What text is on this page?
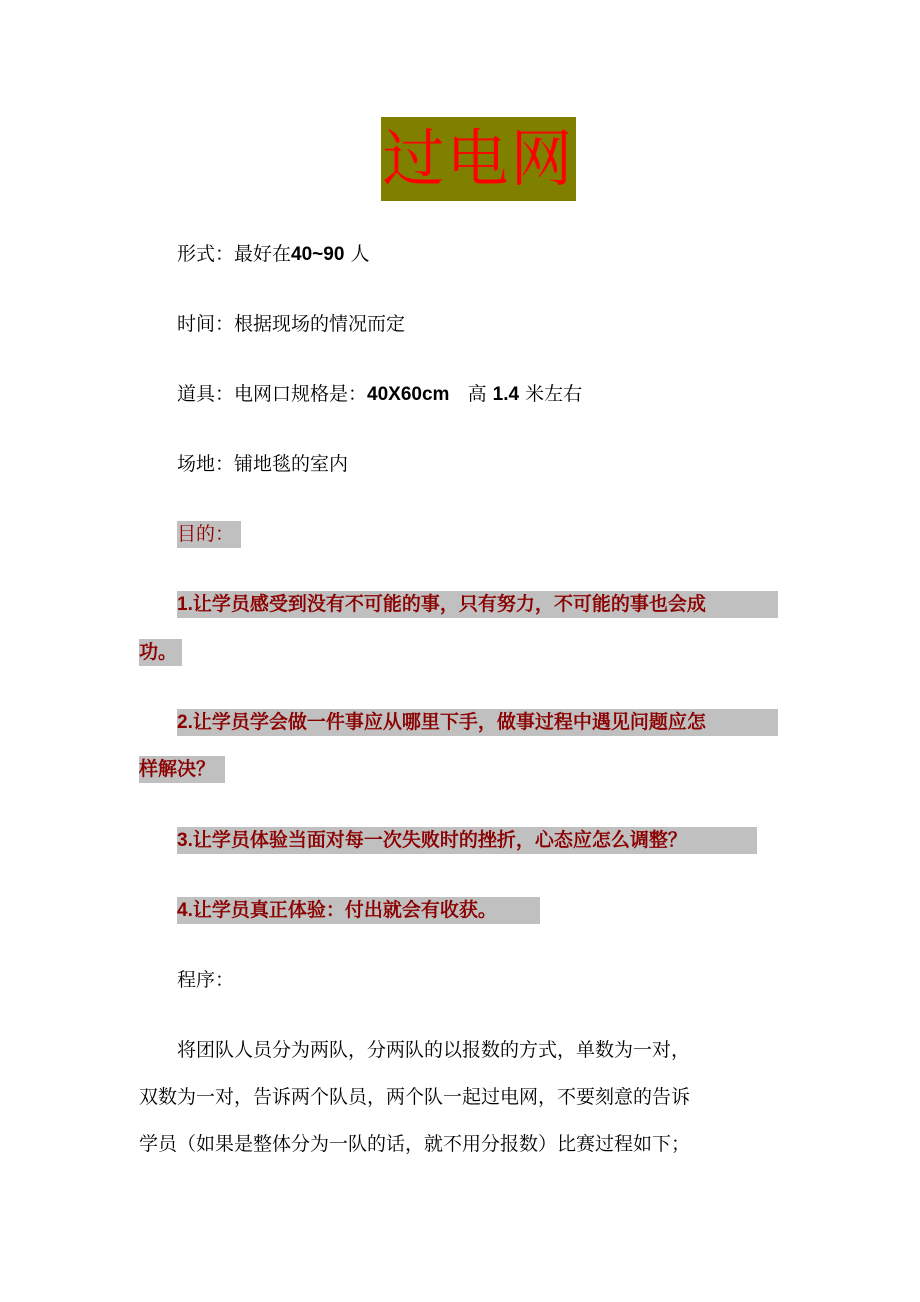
过电网
形式：最好在40~90 人
时间：根据现场的情况而定
道具：电网口规格是：40X60cm 高 1.4 米左右
场地：铺地毯的室内
目的：
1.让学员感受到没有不可能的事，只有努力，不可能的事也会成
功。
2.让学员学会做一件事应从哪里下手，做事过程中遇见问题应怎
样解决？
3.让学员体验当面对每一次失败时的挫折，心态应怎么调整？
4.让学员真正体验：付出就会有收获。
程序：
将团队人员分为两队，分两队的以报数的方式，单数为一对，
双数为一对，告诉两个队员，两个队一起过电网，不要刻意的告诉
学员（如果是整体分为一队的话，就不用分报数）比赛过程如下；
